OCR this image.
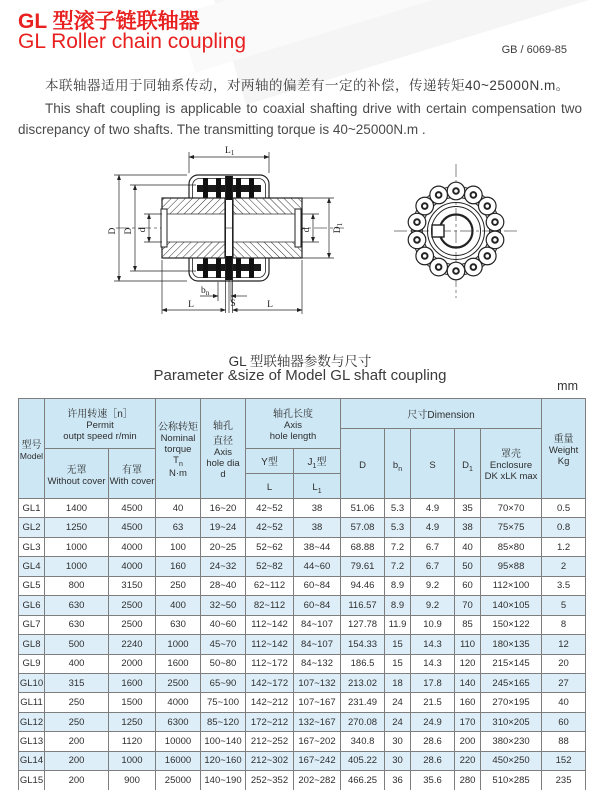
GL 型滚子链联轴器
GL Roller chain coupling	GB / 6069-85

本联轴器适用于同轴系传动，对两轴的偏差有一定的补偿，传递转矩40~25000N.m。

This shaft coupling is applicable to coaxial shafting drive with certain compensation two
discrepancy of two shafts. The transmitting torque is 40~25000N.m .
$L_1$
D D d	d $D_1$
$b_n$
L	S	L
GL 型联轴器参数与尺寸
Parameter &size of Model GL shaft coupling
mm
型号
Model	许用转速［n］
Permit
outpt speed r/min		公称转矩
Nominal
torque
$T_n$
N·m	轴孔
直径
Axis
hole dia
d	轴孔长度
Axis
hole length		尺寸Dimension					重量
Weight
Kg

							D	$b_n$	S	$D_1$	罩壳
Enclosure
DK xLK max	

	无罩
Without cover	有罩
With cover			Y型	$J_1$型						
					L	$L_1$
GL1	1400	4500	40	16~20	42~52	38	51.06	5.3	4.9	35	70×70	0.5
GL2	1250	4500	63	19~24	42~52	38	57.08	5.3	4.9	38	75×75	0.8
GL3	1000	4000	100	20~25	52~62	38~44	68.88	7.2	6.7	40	85×80	1.2
GL4	1000	4000	160	24~32	52~82	44~60	79.61	7.2	6.7	50	95×88	2
GL5	800	3150	250	28~40	62~112	60~84	94.46	8.9	9.2	60	112×100	3.5
GL6	630	2500	400	32~50	82~112	60~84	116.57	8.9	9.2	70	140×105	5
GL7	630	2500	630	40~60	112~142	84~107	127.78	11.9	10.9	85	150×122	8
GL8	500	2240	1000	45~70	112~142	84~107	154.33	15	14.3	110	180×135	12
GL9	400	2000	1600	50~80	112~172	84~132	186.5	15	14.3	120	215×145	20
GL10	315	1600	2500	65~90	142~172	107~132	213.02	18	17.8	140	245×165	27
GL11	250	1500	4000	75~100	142~212	107~167	231.49	24	21.5	160	270×195	40
GL12	250	1250	6300	85~120	172~212	132~167	270.08	24	24.9	170	310×205	60
GL13	200	1120	10000	100~140	212~252	167~202	340.8	30	28.6	200	380×230	88
GL14	200	1000	16000	120~160	212~302	167~242	405.22	30	28.6	220	450×250	152
GL15	200	900	25000	140~190	252~352	202~282	466.25	36	35.6	280	510×285	235
